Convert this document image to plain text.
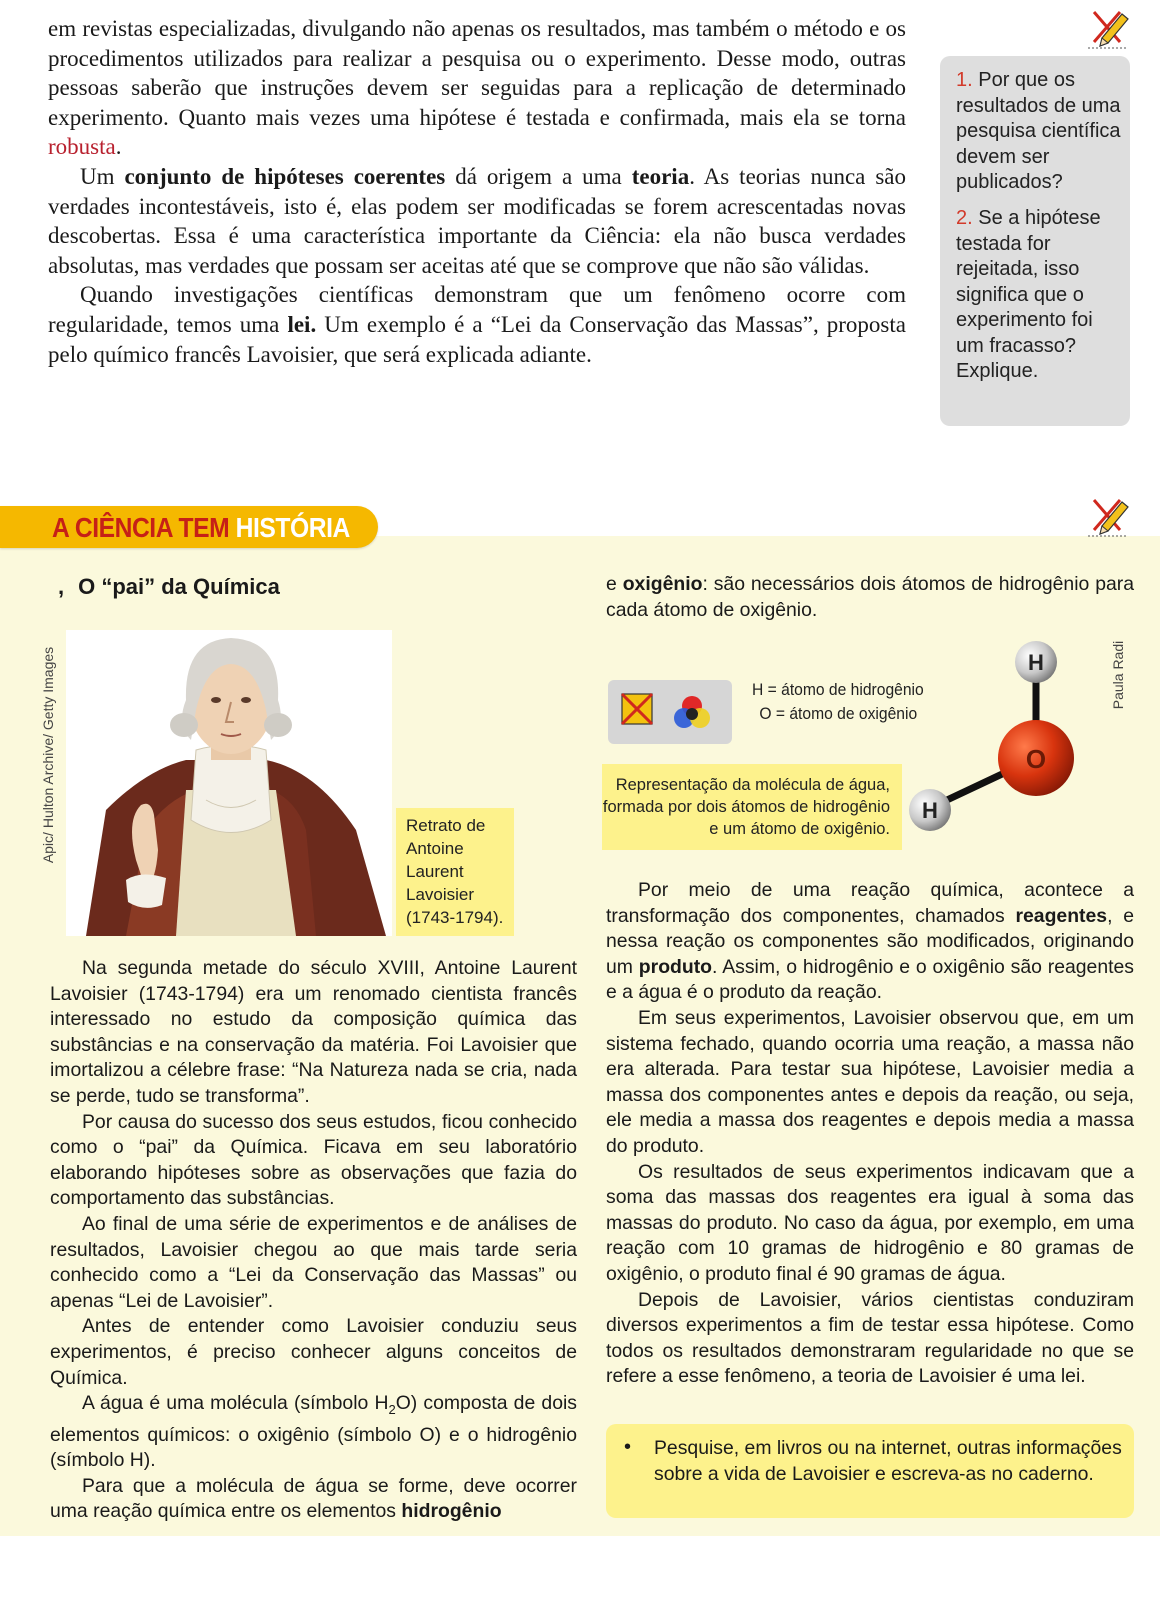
em revistas especializadas, divulgando não apenas os resultados, mas também o método e os procedimentos utilizados para realizar a pesquisa ou o experimento. Desse modo, outras pessoas saberão que instruções devem ser seguidas para a replicação de determinado experimento. Quanto mais vezes uma hipótese é testada e confirmada, mais ela se torna robusta.

Um conjunto de hipóteses coerentes dá origem a uma teoria. As teorias nunca são verdades incontestáveis, isto é, elas podem ser modificadas se forem acrescentadas novas descobertas. Essa é uma característica importante da Ciência: ela não busca verdades absolutas, mas verdades que possam ser aceitas até que se comprove que não são válidas.

Quando investigações científicas demonstram que um fenômeno ocorre com regularidade, temos uma lei. Um exemplo é a “Lei da Conservação das Massas”, proposta pelo químico francês Lavoisier, que será explicada adiante.

1. Por que os resultados de uma pesquisa científica devem ser publicados?
2. Se a hipótese testada for rejeitada, isso significa que o experimento foi um fracasso? Explique.
A CIÊNCIA TEM HISTÓRIA
, O “pai” da Química
Apic/ Hulton Archive/ Getty Images	Retrato de Antoine Laurent Lavoisier (1743-1794).

Na segunda metade do século XVIII, Antoine Laurent Lavoisier (1743-1794) era um renomado cientista francês interessado no estudo da composição química das substâncias e na conservação da matéria. Foi Lavoisier que imortalizou a célebre frase: “Na Natureza nada se cria, nada se perde, tudo se transforma”.

Por causa do sucesso dos seus estudos, ficou conhecido como o “pai” da Química. Ficava em seu laboratório elaborando hipóteses sobre as observações que fazia do comportamento das substâncias.

Ao final de uma série de experimentos e de análises de resultados, Lavoisier chegou ao que mais tarde seria conhecido como a “Lei da Conservação das Massas” ou apenas “Lei de Lavoisier”.

Antes de entender como Lavoisier conduziu seus experimentos, é preciso conhecer alguns conceitos de Química.

A água é uma molécula (símbolo $H_2O$) composta de dois elementos químicos: o oxigênio (símbolo O) e o hidrogênio (símbolo H).

Para que a molécula de água se forme, deve ocorrer uma reação química entre os elementos hidrogênio

e oxigênio: são necessários dois átomos de hidrogênio para cada átomo de oxigênio.
H = átomo de hidrogênio
O = átomo de oxigênio
Representação da molécula de água, formada por dois átomos de hidrogênio e um átomo de oxigênio.
H
O
H
Paula Radi

Por meio de uma reação química, acontece a transformação dos componentes, chamados reagentes, e nessa reação os componentes são modificados, originando um produto. Assim, o hidrogênio e o oxigênio são reagentes e a água é o produto da reação.

Em seus experimentos, Lavoisier observou que, em um sistema fechado, quando ocorria uma reação, a massa não era alterada. Para testar sua hipótese, Lavoisier media a massa dos componentes antes e depois da reação, ou seja, ele media a massa dos reagentes e depois media a massa do produto.

Os resultados de seus experimentos indicavam que a soma das massas dos reagentes era igual à soma das massas do produto. No caso da água, por exemplo, em uma reação com 10 gramas de hidrogênio e 80 gramas de oxigênio, o produto final é 90 gramas de água.

Depois de Lavoisier, vários cientistas conduziram diversos experimentos a fim de testar essa hipótese. Como todos os resultados demonstraram regularidade no que se refere a esse fenômeno, a teoria de Lavoisier é uma lei.

• Pesquise, em livros ou na internet, outras informações sobre a vida de Lavoisier e escreva-as no caderno.
